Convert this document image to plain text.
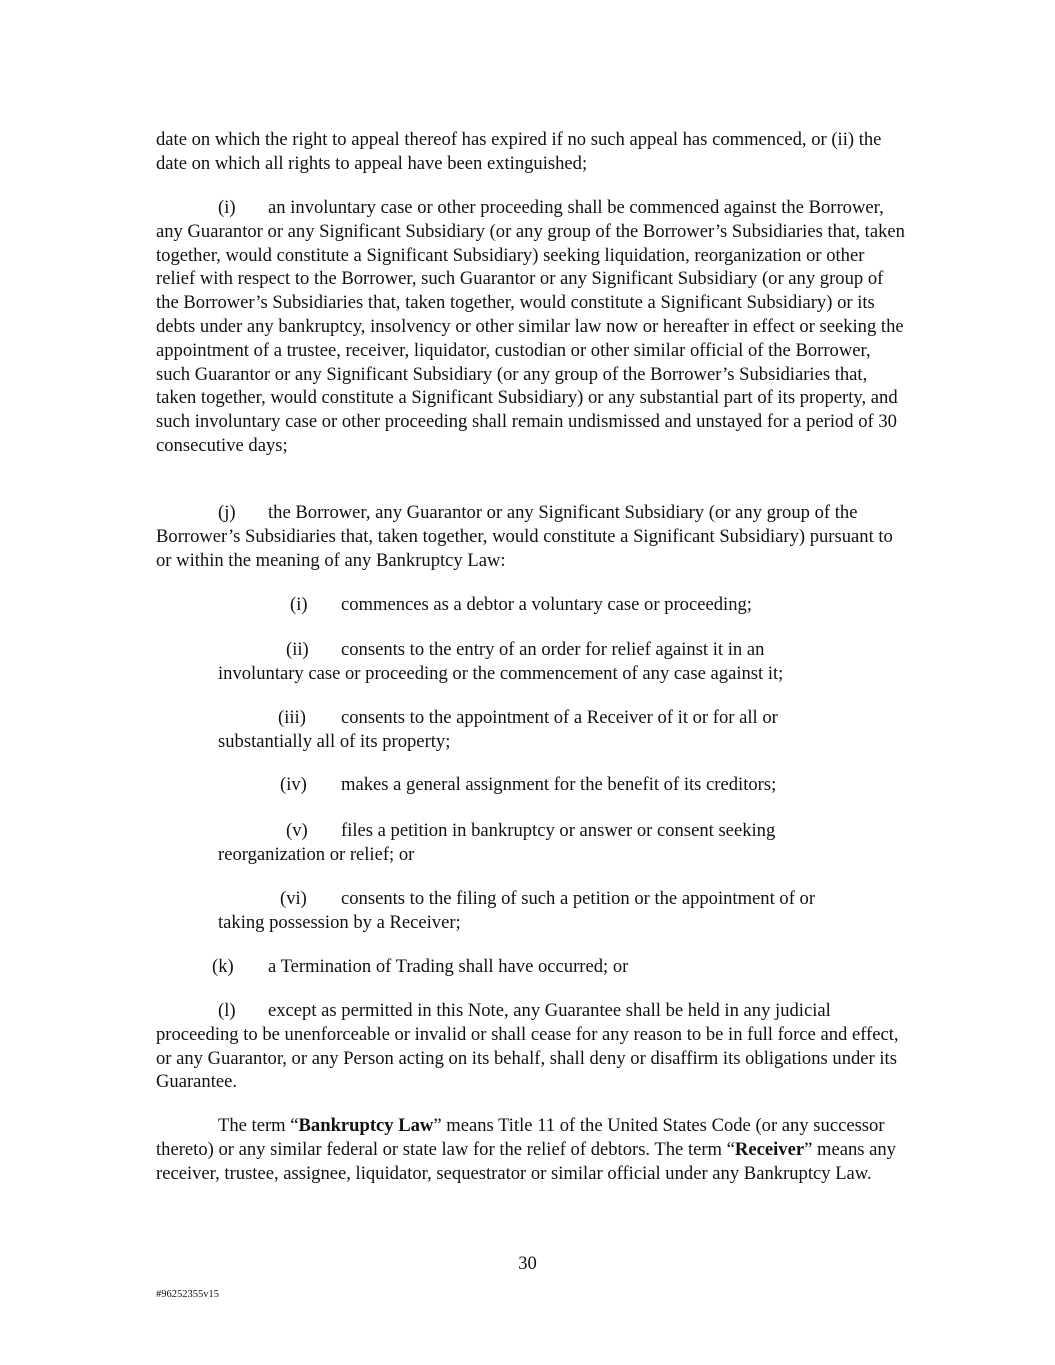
date on which the right to appeal thereof has expired if no such appeal has commenced, or (ii) the date on which all rights to appeal have been extinguished;

(i) an involuntary case or other proceeding shall be commenced against the Borrower, any Guarantor or any Significant Subsidiary (or any group of the Borrower’s Subsidiaries that, taken together, would constitute a Significant Subsidiary) seeking liquidation, reorganization or other relief with respect to the Borrower, such Guarantor or any Significant Subsidiary (or any group of the Borrower’s Subsidiaries that, taken together, would constitute a Significant Subsidiary) or its debts under any bankruptcy, insolvency or other similar law now or hereafter in effect or seeking the appointment of a trustee, receiver, liquidator, custodian or other similar official of the Borrower, such Guarantor or any Significant Subsidiary (or any group of the Borrower’s Subsidiaries that, taken together, would constitute a Significant Subsidiary) or any substantial part of its property, and such involuntary case or other proceeding shall remain undismissed and unstayed for a period of 30 consecutive days;

(j) the Borrower, any Guarantor or any Significant Subsidiary (or any group of the Borrower’s Subsidiaries that, taken together, would constitute a Significant Subsidiary) pursuant to or within the meaning of any Bankruptcy Law:

(i) commences as a debtor a voluntary case or proceeding;

(ii) consents to the entry of an order for relief against it in an
involuntary case or proceeding or the commencement of any case against it;

(iii) consents to the appointment of a Receiver of it or for all or
substantially all of its property;

(iv) makes a general assignment for the benefit of its creditors;

(v) files a petition in bankruptcy or answer or consent seeking
reorganization or relief; or

(vi) consents to the filing of such a petition or the appointment of or
taking possession by a Receiver;

(k) a Termination of Trading shall have occurred; or

(l) except as permitted in this Note, any Guarantee shall be held in any judicial proceeding to be unenforceable or invalid or shall cease for any reason to be in full force and effect, or any Guarantor, or any Person acting on its behalf, shall deny or disaffirm its obligations under its Guarantee.

The term “Bankruptcy Law” means Title 11 of the United States Code (or any successor thereto) or any similar federal or state law for the relief of debtors. The term “Receiver” means any receiver, trustee, assignee, liquidator, sequestrator or similar official under any Bankruptcy Law.

30
#96252355v15
